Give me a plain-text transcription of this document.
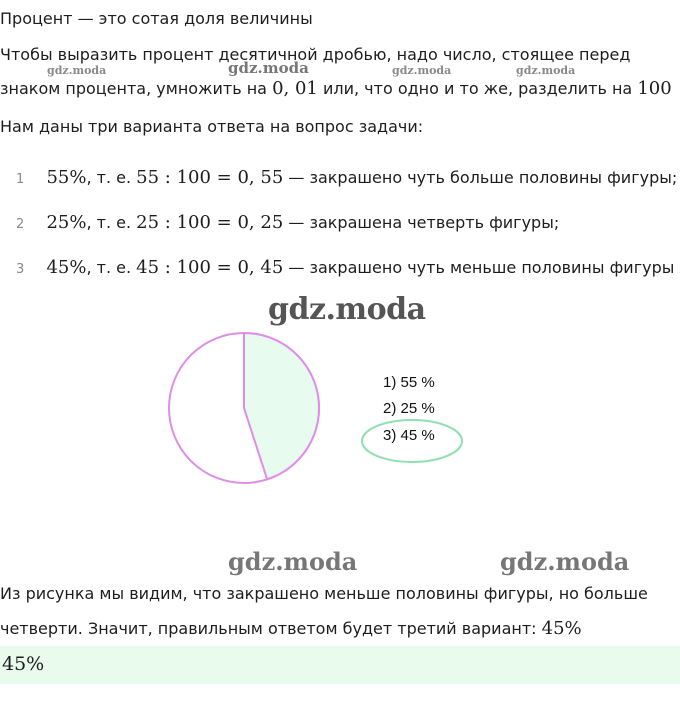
Процент — это сотая доля величины
Чтобы выразить процент десятичной дробью, надо число, стоящее перед
gdz.moda	gdz.moda	gdz.moda	gdz.moda
знаком процента, умножить на 0, 01 или, что одно и то же, разделить на 100
Нам даны три варианта ответа на вопрос задачи:
1 55%, т. е. 55 : 100 = 0, 55 — закрашено чуть больше половины фигуры;
2 25%, т. е. 25 : 100 = 0, 25 — закрашена четверть фигуры;
3 45%, т. е. 45 : 100 = 0, 45 — закрашено чуть меньше половины фигуры
gdz.moda
1) 55 %
2) 25 %
3) 45 %
gdz.moda	gdz.moda
Из рисунка мы видим, что закрашено меньше половины фигуры, но больше
четверти. Значит, правильным ответом будет третий вариант: 45%
45%
